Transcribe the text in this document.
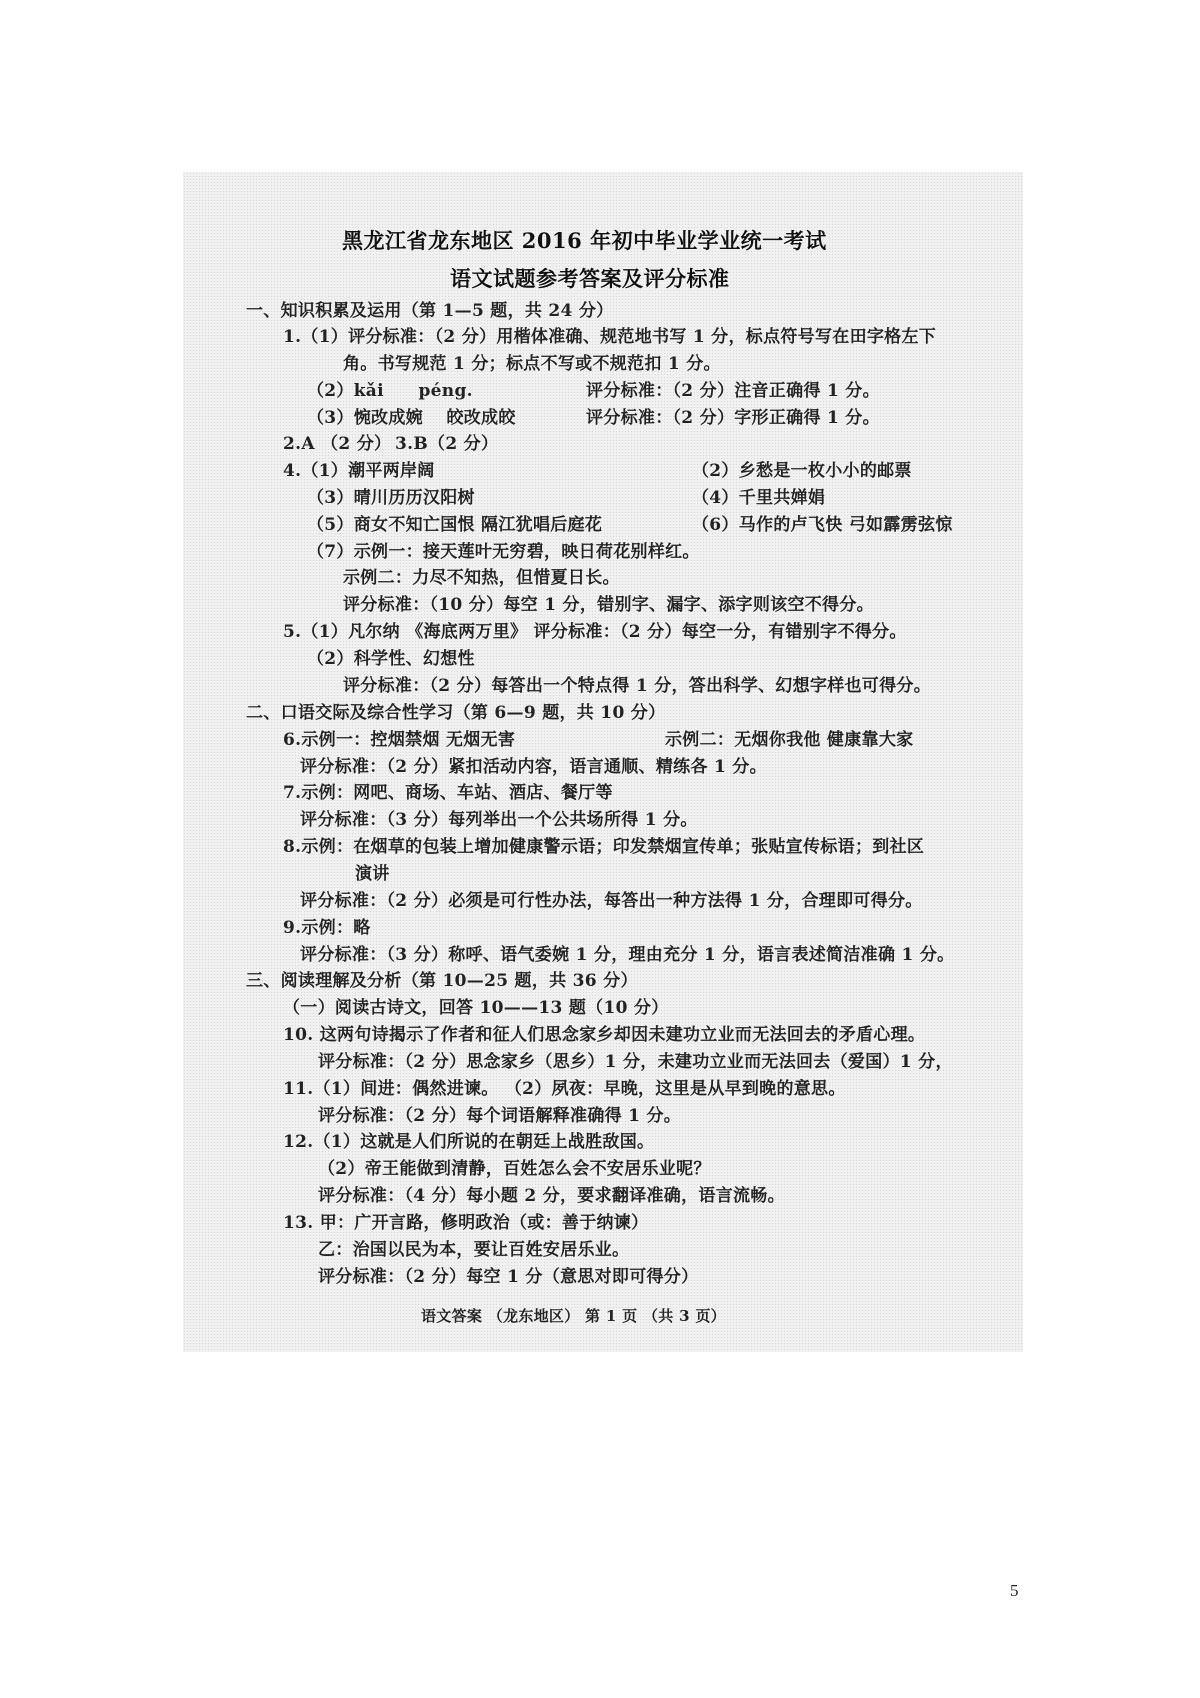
黑龙江省龙东地区 2016 年初中毕业学业统一考试
语文试题参考答案及评分标准
一、知识积累及运用（第 1—5 题，共 24 分）
1.（1）评分标准：（2 分）用楷体准确、规范地书写 1 分，标点符号写在田字格左下
角。书写规范 1 分；标点不写或不规范扣 1 分。
（2）kǎi　　péng.	评分标准：（2 分）注音正确得 1 分。
（3）惋改成婉　 皎改成皎	评分标准：（2 分）字形正确得 1 分。
2.A （2 分） 3.B（2 分）
4.（1）潮平两岸阔	（2）乡愁是一枚小小的邮票
（3）晴川历历汉阳树	（4）千里共婵娟
（5）商女不知亡国恨 隔江犹唱后庭花	（6）马作的卢飞快 弓如霹雳弦惊
（7）示例一：接天莲叶无穷碧，映日荷花别样红。
示例二：力尽不知热，但惜夏日长。
评分标准：（10 分）每空 1 分，错别字、漏字、添字则该空不得分。
5.（1）凡尔纳 《海底两万里》 评分标准：（2 分）每空一分，有错别字不得分。
（2）科学性、幻想性
评分标准：（2 分）每答出一个特点得 1 分，答出科学、幻想字样也可得分。
二、口语交际及综合性学习（第 6—9 题，共 10 分）
6.示例一：控烟禁烟 无烟无害	示例二：无烟你我他 健康靠大家
评分标准：（2 分）紧扣活动内容，语言通顺、精练各 1 分。
7.示例：网吧、商场、车站、酒店、餐厅等
评分标准：（3 分）每列举出一个公共场所得 1 分。
8.示例：在烟草的包装上增加健康警示语；印发禁烟宣传单；张贴宣传标语；到社区
演讲
评分标准：（2 分）必须是可行性办法，每答出一种方法得 1 分，合理即可得分。
9.示例：略
评分标准：（3 分）称呼、语气委婉 1 分，理由充分 1 分，语言表述简洁准确 1 分。
三、阅读理解及分析（第 10—25 题，共 36 分）
（一）阅读古诗文，回答 10——13 题（10 分）
10. 这两句诗揭示了作者和征人们思念家乡却因未建功立业而无法回去的矛盾心理。
评分标准：（2 分）思念家乡（思乡）1 分，未建功立业而无法回去（爱国）1 分，
11.（1）间进：偶然进谏。 （2）夙夜：早晚，这里是从早到晚的意思。
评分标准：（2 分）每个词语解释准确得 1 分。
12.（1）这就是人们所说的在朝廷上战胜敌国。
（2）帝王能做到清静，百姓怎么会不安居乐业呢？
评分标准：（4 分）每小题 2 分，要求翻译准确，语言流畅。
13. 甲：广开言路，修明政治（或：善于纳谏）
乙：治国以民为本，要让百姓安居乐业。
评分标准：（2 分）每空 1 分（意思对即可得分）
语文答案 （龙东地区） 第 1 页 （共 3 页）
5
